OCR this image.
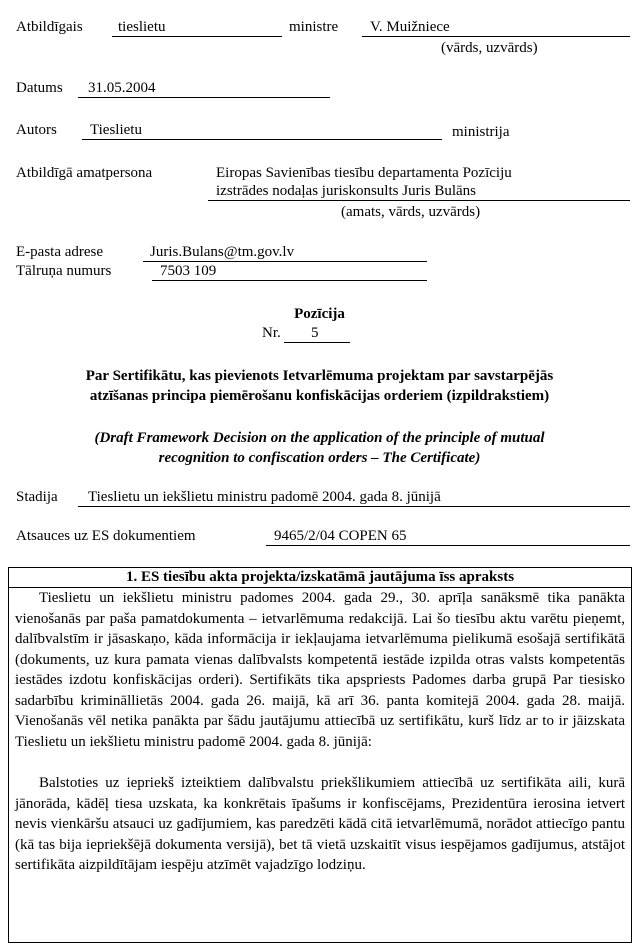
Atbildīgais tieslietu	ministre V. Muižniece
(vārds, uzvārds)
Datums 31.05.2004
Autors Tieslietu	ministrija
Atbildīgā amatpersona	Eiropas Savienības tiesību departamenta Pozīciju
izstrādes nodaļas juriskonsults Juris Bulāns
(amats, vārds, uzvārds)
E-pasta adrese	Juris.Bulans@tm.gov.lv
Tālruņa numurs	7503 109
Pozīcija
Nr. 5
Par Sertifikātu, kas pievienots Ietvarlēmuma projektam par savstarpējās
atzīšanas principa piemērošanu konfiskācijas orderiem (izpildrakstiem)
(Draft Framework Decision on the application of the principle of mutual
recognition to confiscation orders – The Certificate)
Stadija Tieslietu un iekšlietu ministru padomē 2004. gada 8. jūnijā
Atsauces uz ES dokumentiem	9465/2/04 COPEN 65
1. ES tiesību akta projekta/izskatāmā jautājuma īss apraksts

Tieslietu un iekšlietu ministru padomes 2004. gada 29., 30. aprīļa sanāksmē tika panākta vienošanās par paša pamatdokumenta – ietvarlēmuma redakcijā. Lai šo tiesību aktu varētu pieņemt, dalībvalstīm ir jāsaskaņo, kāda informācija ir iekļaujama ietvarlēmuma pielikumā esošajā sertifikātā (dokuments, uz kura pamata vienas dalībvalsts kompetentā iestāde izpilda otras valsts kompetentās iestādes izdotu konfiskācijas orderi). Sertifikāts tika apspriests Padomes darba grupā Par tiesisko sadarbību krimināllietās 2004. gada 26. maijā, kā arī 36. panta komitejā 2004. gada 28. maijā. Vienošanās vēl netika panākta par šādu jautājumu attiecībā uz sertifikātu, kurš līdz ar to ir jāizskata Tieslietu un iekšlietu ministru padomē 2004. gada 8. jūnijā:

Balstoties uz iepriekš izteiktiem dalībvalstu priekšlikumiem attiecībā uz sertifikāta aili, kurā jānorāda, kādēļ tiesa uzskata, ka konkrētais īpašums ir konfiscējams, Prezidentūra ierosina ietvert nevis vienkāršu atsauci uz gadījumiem, kas paredzēti kādā citā ietvarlēmumā, norādot attiecīgo pantu (kā tas bija iepriekšējā dokumenta versijā), bet tā vietā uzskaitīt visus iespējamos gadījumus, atstājot sertifikāta aizpildītājam iespēju atzīmēt vajadzīgo lodziņu.
